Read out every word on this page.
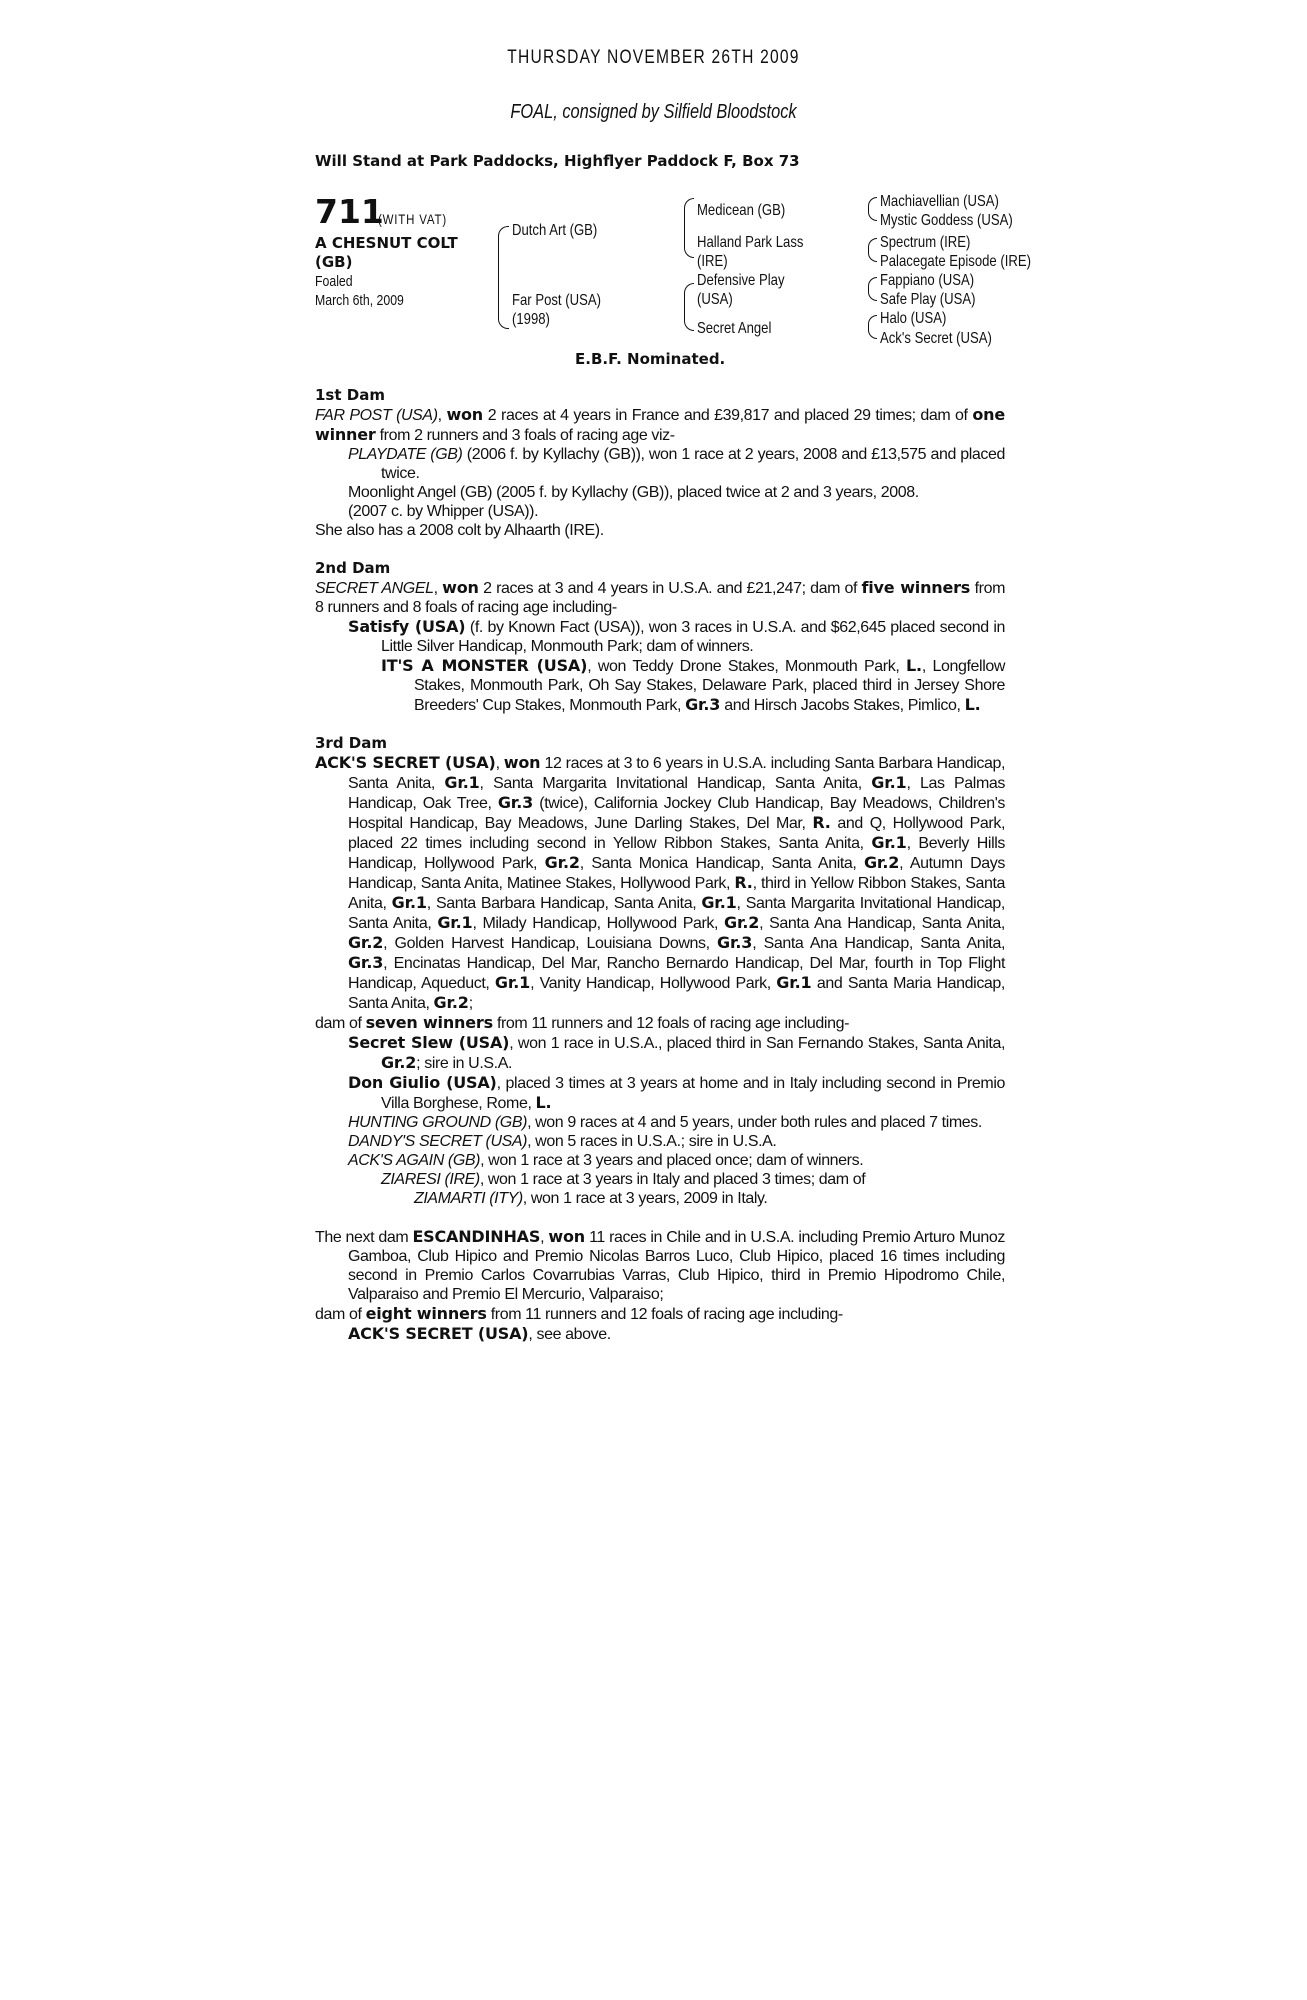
THURSDAY NOVEMBER 26TH 2009
FOAL, consigned by Silfield Bloodstock
Will Stand at Park Paddocks, Highflyer Paddock F, Box 73
711
(WITH VAT)
A CHESNUT COLT
(GB)
Foaled
March 6th, 2009
Dutch Art (GB)
Far Post (USA)
(1998)
Medicean (GB)
Halland Park Lass
(IRE)
Defensive Play
(USA)
Secret Angel
Machiavellian (USA)
Mystic Goddess (USA)
Spectrum (IRE)
Palacegate Episode (IRE)
Fappiano (USA)
Safe Play (USA)
Halo (USA)
Ack's Secret (USA)
E.B.F. Nominated.
1st Dam
FAR POST (USA), won 2 races at 4 years in France and £39,817 and placed 29 times; dam of one winner from 2 runners and 3 foals of racing age viz-
PLAYDATE (GB) (2006 f. by Kyllachy (GB)), won 1 race at 2 years, 2008 and £13,575 and placed twice.
Moonlight Angel (GB) (2005 f. by Kyllachy (GB)), placed twice at 2 and 3 years, 2008.
(2007 c. by Whipper (USA)).
She also has a 2008 colt by Alhaarth (IRE).
2nd Dam
SECRET ANGEL, won 2 races at 3 and 4 years in U.S.A. and £21,247; dam of five winners from 8 runners and 8 foals of racing age including-
Satisfy (USA) (f. by Known Fact (USA)), won 3 races in U.S.A. and $62,645 placed second in Little Silver Handicap, Monmouth Park; dam of winners.
IT'S A MONSTER (USA), won Teddy Drone Stakes, Monmouth Park, L., Longfellow Stakes, Monmouth Park, Oh Say Stakes, Delaware Park, placed third in Jersey Shore Breeders' Cup Stakes, Monmouth Park, Gr.3 and Hirsch Jacobs Stakes, Pimlico, L.
3rd Dam
ACK'S SECRET (USA), won 12 races at 3 to 6 years in U.S.A. including Santa Barbara Handicap, Santa Anita, Gr.1, Santa Margarita Invitational Handicap, Santa Anita, Gr.1, Las Palmas Handicap, Oak Tree, Gr.3 (twice), California Jockey Club Handicap, Bay Meadows, Children's Hospital Handicap, Bay Meadows, June Darling Stakes, Del Mar, R. and Q, Hollywood Park, placed 22 times including second in Yellow Ribbon Stakes, Santa Anita, Gr.1, Beverly Hills Handicap, Hollywood Park, Gr.2, Santa Monica Handicap, Santa Anita, Gr.2, Autumn Days Handicap, Santa Anita, Matinee Stakes, Hollywood Park, R., third in Yellow Ribbon Stakes, Santa Anita, Gr.1, Santa Barbara Handicap, Santa Anita, Gr.1, Santa Margarita Invitational Handicap, Santa Anita, Gr.1, Milady Handicap, Hollywood Park, Gr.2, Santa Ana Handicap, Santa Anita, Gr.2, Golden Harvest Handicap, Louisiana Downs, Gr.3, Santa Ana Handicap, Santa Anita, Gr.3, Encinatas Handicap, Del Mar, Rancho Bernardo Handicap, Del Mar, fourth in Top Flight Handicap, Aqueduct, Gr.1, Vanity Handicap, Hollywood Park, Gr.1 and Santa Maria Handicap, Santa Anita, Gr.2;
dam of seven winners from 11 runners and 12 foals of racing age including-
Secret Slew (USA), won 1 race in U.S.A., placed third in San Fernando Stakes, Santa Anita, Gr.2; sire in U.S.A.
Don Giulio (USA), placed 3 times at 3 years at home and in Italy including second in Premio Villa Borghese, Rome, L.
HUNTING GROUND (GB), won 9 races at 4 and 5 years, under both rules and placed 7 times.
DANDY'S SECRET (USA), won 5 races in U.S.A.; sire in U.S.A.
ACK'S AGAIN (GB), won 1 race at 3 years and placed once; dam of winners.
ZIARESI (IRE), won 1 race at 3 years in Italy and placed 3 times; dam of
ZIAMARTI (ITY), won 1 race at 3 years, 2009 in Italy.
The next dam ESCANDINHAS, won 11 races in Chile and in U.S.A. including Premio Arturo Munoz Gamboa, Club Hipico and Premio Nicolas Barros Luco, Club Hipico, placed 16 times including second in Premio Carlos Covarrubias Varras, Club Hipico, third in Premio Hipodromo Chile, Valparaiso and Premio El Mercurio, Valparaiso;
dam of eight winners from 11 runners and 12 foals of racing age including-
ACK'S SECRET (USA), see above.
